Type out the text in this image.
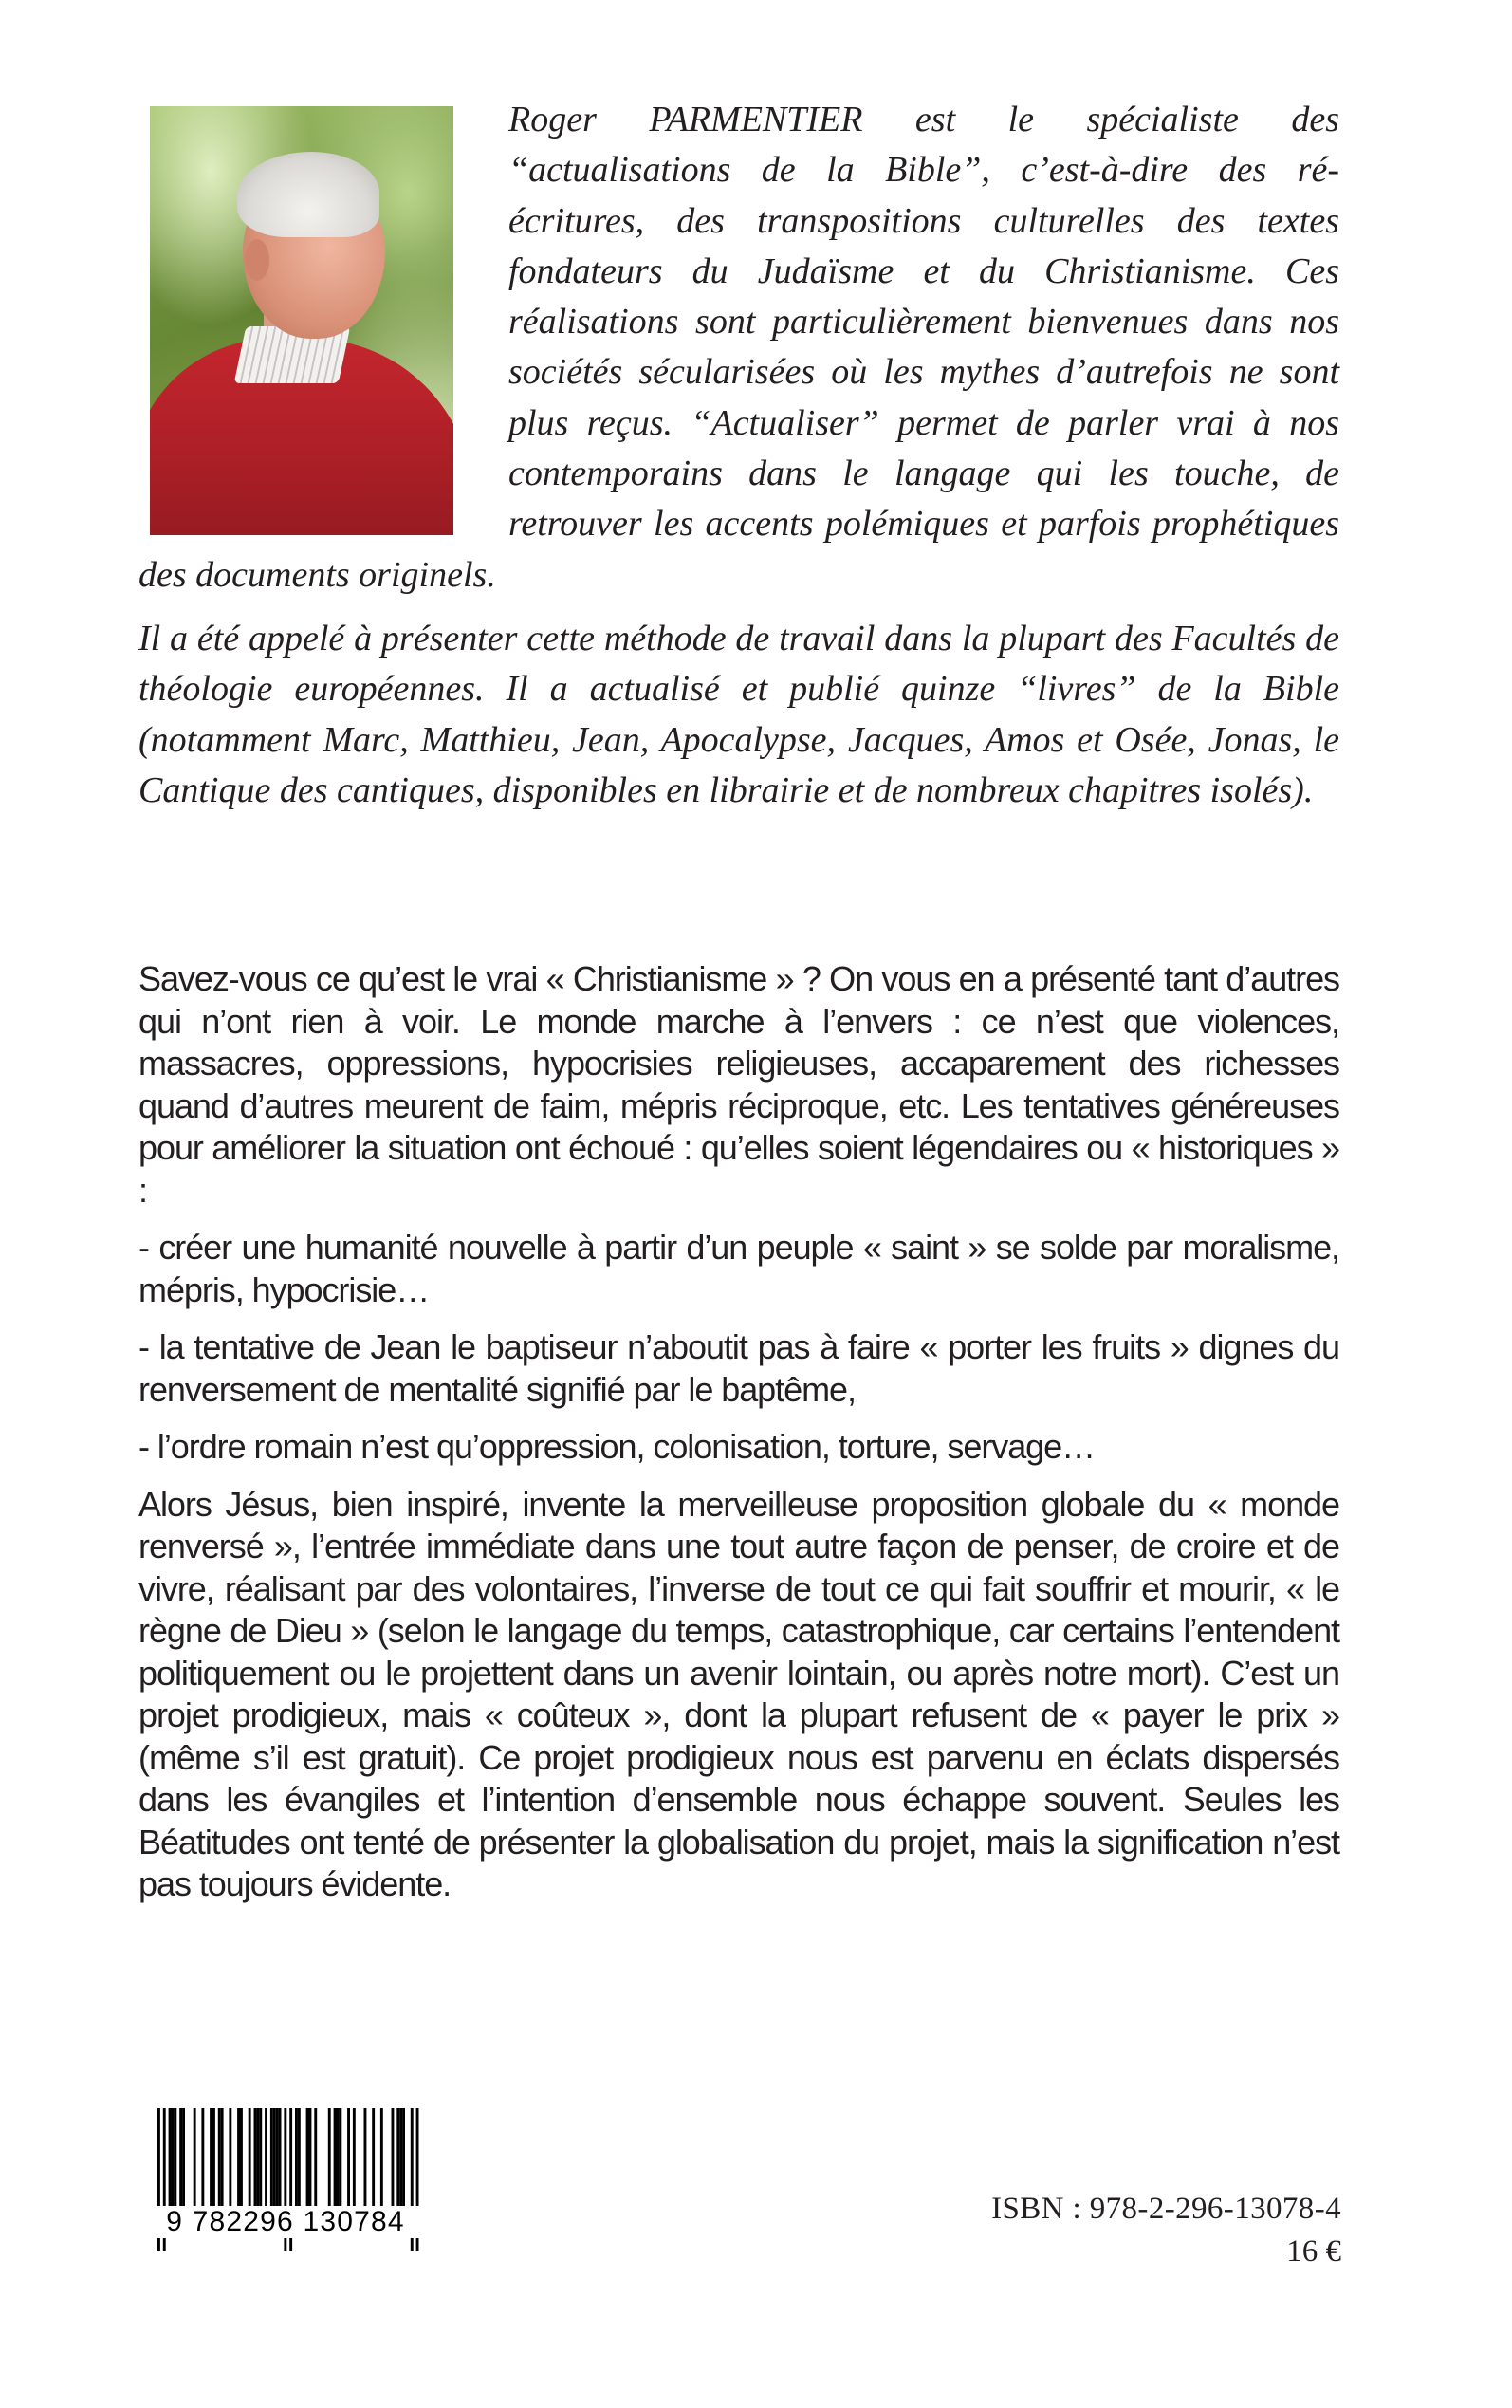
Roger PARMENTIER est le spécialiste des “actualisations de la Bible”, c’est-à-dire des ré-écritures, des transpositions culturelles des textes fondateurs du Judaïsme et du Christianisme. Ces réalisations sont particulièrement bienvenues dans nos sociétés sécularisées où les mythes d’autrefois ne sont plus reçus. “Actualiser” permet de parler vrai à nos contemporains dans le langage qui les touche, de retrouver les accents polémiques et parfois prophétiques des documents originels.

Il a été appelé à présenter cette méthode de travail dans la plupart des Facultés de théologie européennes. Il a actualisé et publié quinze “livres” de la Bible (notamment Marc, Matthieu, Jean, Apocalypse, Jacques, Amos et Osée, Jonas, le Cantique des cantiques, disponibles en librairie et de nombreux chapitres isolés).

Savez-vous ce qu’est le vrai « Christianisme » ? On vous en a présenté tant d’autres qui n’ont rien à voir. Le monde marche à l’envers : ce n’est que violences, massacres, oppressions, hypocrisies religieuses, accaparement des richesses quand d’autres meurent de faim, mépris réciproque, etc. Les tentatives généreuses pour améliorer la situation ont échoué : qu’elles soient légendaires ou « historiques » :

- créer une humanité nouvelle à partir d’un peuple « saint » se solde par moralisme, mépris, hypocrisie…

- la tentative de Jean le baptiseur n’aboutit pas à faire « porter les fruits » dignes du renversement de mentalité signifié par le baptême,

- l’ordre romain n’est qu’oppression, colonisation, torture, servage…

Alors Jésus, bien inspiré, invente la merveilleuse proposition globale du « monde renversé », l’entrée immédiate dans une tout autre façon de penser, de croire et de vivre, réalisant par des volontaires, l’inverse de tout ce qui fait souffrir et mourir, « le règne de Dieu » (selon le langage du temps, catastrophique, car certains l’entendent politiquement ou le projettent dans un avenir lointain, ou après notre mort). C’est un projet prodigieux, mais « coûteux », dont la plupart refusent de « payer le prix » (même s’il est gratuit). Ce projet prodigieux nous est parvenu en éclats dispersés dans les évangiles et l’intention d’ensemble nous échappe souvent. Seules les Béatitudes ont tenté de présenter la globalisation du projet, mais la signification n’est pas toujours évidente.

9 782296 130784	ISBN : 978-2-296-13078-4
16 €
